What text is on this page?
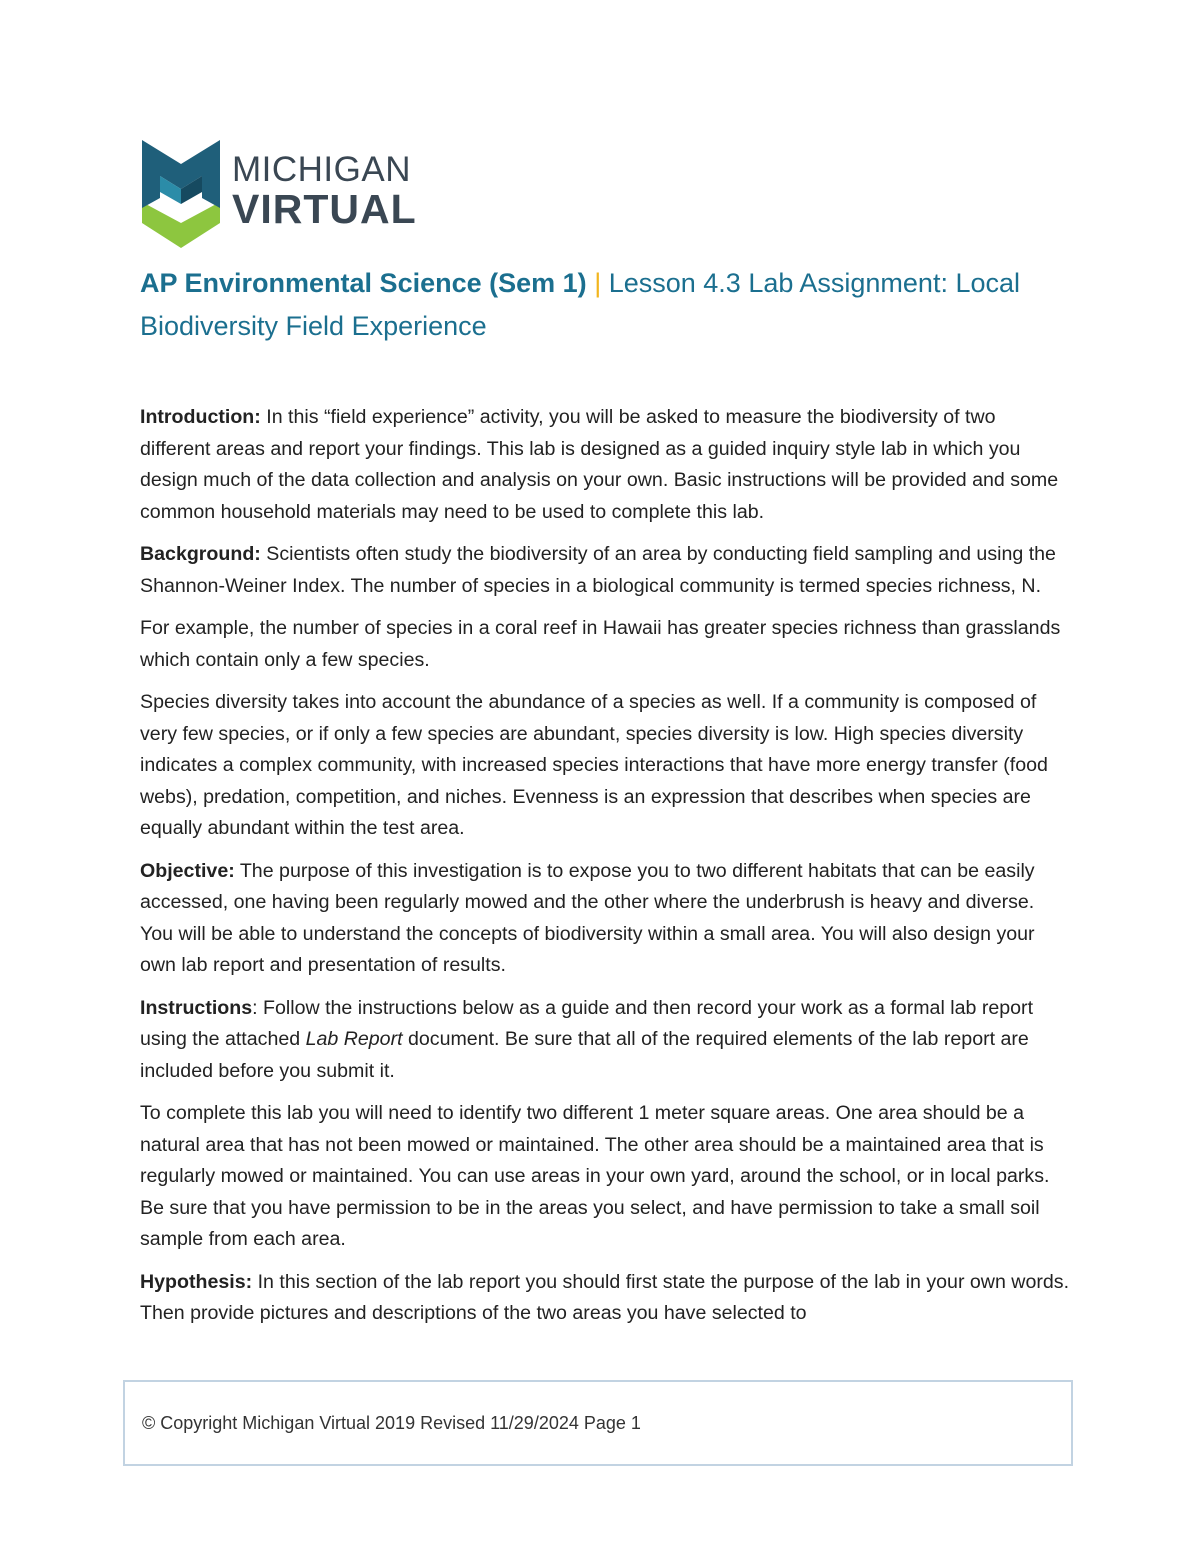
MICHIGAN
VIRTUAL
AP Environmental Science (Sem 1) | Lesson 4.3 Lab Assignment: Local Biodiversity Field Experience

Introduction: In this “field experience” activity, you will be asked to measure the biodiversity of two different areas and report your findings. This lab is designed as a guided inquiry style lab in which you design much of the data collection and analysis on your own. Basic instructions will be provided and some common household materials may need to be used to complete this lab.

Background: Scientists often study the biodiversity of an area by conducting field sampling and using the Shannon-Weiner Index. The number of species in a biological community is termed species richness, N.

For example, the number of species in a coral reef in Hawaii has greater species richness than grasslands which contain only a few species.

Species diversity takes into account the abundance of a species as well. If a community is composed of very few species, or if only a few species are abundant, species diversity is low. High species diversity indicates a complex community, with increased species interactions that have more energy transfer (food webs), predation, competition, and niches. Evenness is an expression that describes when species are equally abundant within the test area.

Objective: The purpose of this investigation is to expose you to two different habitats that can be easily accessed, one having been regularly mowed and the other where the underbrush is heavy and diverse. You will be able to understand the concepts of biodiversity within a small area. You will also design your own lab report and presentation of results.

Instructions: Follow the instructions below as a guide and then record your work as a formal lab report using the attached Lab Report document. Be sure that all of the required elements of the lab report are included before you submit it.

To complete this lab you will need to identify two different 1 meter square areas. One area should be a natural area that has not been mowed or maintained. The other area should be a maintained area that is regularly mowed or maintained. You can use areas in your own yard, around the school, or in local parks. Be sure that you have permission to be in the areas you select, and have permission to take a small soil sample from each area.

Hypothesis: In this section of the lab report you should first state the purpose of the lab in your own words. Then provide pictures and descriptions of the two areas you have selected to

© Copyright Michigan Virtual 2019 Revised 11/29/2024 Page 1
